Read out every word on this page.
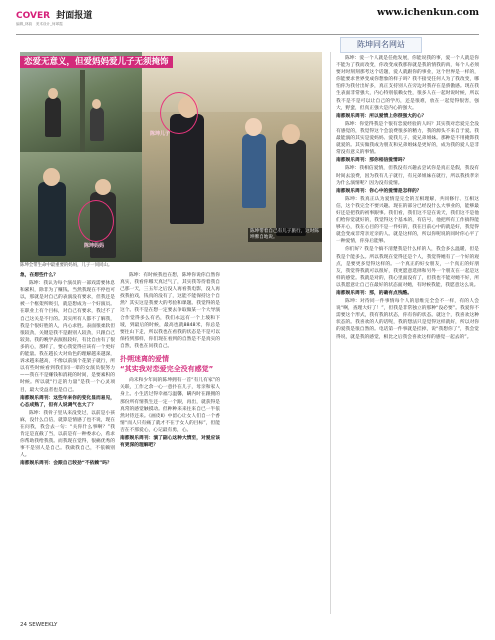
COVER 封面报道
编辑_林韵　美术设计_何翠霞
www.ichenkun.com
陈坤同名网站
恋爱无意义，但爱妈妈爱儿子无须掩饰
陈坤儿子
陈坤妈妈
陈坤带着自己有儿子旅行，这时陈坤脾自地说。
陈坤全带生命中最重要的妈妈，儿子一同同山。

急，在想些什么？

陈坤：我认为每个演员的一部戏需要休息和累积，除非为了赚钱。当然我现在不停也可以，那就是对自己的表演没有要求，但我还是被一个框架所吸引，就是想成为一个好演员。在职业上有个目标，对自己有要求，我过不了自己这关是不行的。其实所有人都不了解我，我是个很好胜的人，内心求胜。表面很柔软但很较劲，关键是我不是跟别人较劲，只跟自己较劲。我的晚学表演很较好，有比自由有了很多的心，那样了，要心我觉得应该有一个更好的能量。我在越长大对角色的理解越来越深，诉求越来越高，不像以前演个花架子就行，所以有些时候看到我们同一辈的女演员很努力——我在不是赚钱和消耗的时间，是要素积的时候。所以就“行走的力量”是我一个心灵项目，最大受益者也是自己。

南都娱乐周刊：这些年来你的变化显而易见，心态成熟了，但有人说调气也大了？

陈坤：我骨子里从来没变过，以前是小孩麻，没什么自信，就算是情感了也不说，现在在问我，我会去一句：“关你什么事啊？”我肯定是直截了当，以前是有一种委求心，希求你帮助我给我我。而我现在觉得，很痛优秀的事不是别人是自己。我做我自己，不依赖别人。

南都娱乐周刊：会跟自己较劲“不依赖”吗？

陈坤：有时候我也在想，陈坤你说你自然你真实，我看你哪天真过气了，其实我等待着我自己那一天，三五年之后没人再看我电影，没人再找我拍戏，钱真的没有了，这能不能保持这个自然？其实这是我要大的考验和课题。我觉得的是这个。我不是在想一定要去争取做某一个大导演合作觉得多么有名，我们永远有一个上坡和下坡，到最后的时候，最高也就8848米，你总是要往山下走，所以我也在看我的状态是不是可以保持到那样，你们现在看到的自然是不是真实的自然，我也在问我自己。

扑朔迷离的爱情
“其实我对恋爱完全没有感觉”

尚未和少年间的陈坤拥有一首“有儿有家”的关联，工作之余一心一意扑在儿子，母亲和家人身上。小生活过得幸福与温馨，瞒内时在跟拥的那份所有情我生还一定一个跟，再出，就获得是真常的感觉触摸动。但种种来来往来自已一半依然对待还来。《画皮Ⅱ》中留心让女人们自一个香情“而人只有痛了就才不在于女人的目标”，但能否在不那爱心，心记最有勇，心。

南都娱乐周刊：演了副心这种大情至，对爱应该有更深的理解吧？

陈坤：爱一个人就是任他发展，你能说我的事，爱一个人就是你不能为了我而改变，你改变成我那你就是我的情我的肉，每个人必须要对时刻刻那考这个话题，爱人就跟你的事业，这个世界是一样的，你能要求世界变成你想象的样子吗？我不接受任何人为了我改变，哪怕你为我付出好多，真正支持别人在旁边对我存在是骄傲感。现在我生表面非常强大，内心特别依赖女性，很多人在一起时说时候，所以我不是不是可以让自己的学历，还是很难，放在一起觉得很害，强大，野蛮，但真正强大是内心的强大。

南都娱乐周刊：所以爱情上你很强大的心？

陈坤：你觉得我是个很有恋爱经验的人吗？其实我对恋爱完全没有感觉的，我觉得这个会浪费很多的精力，我的源头不来自于爱。我最能演的其实是爱妈妈、爱我儿子、爱兄弟姐妹。那种是不用掩饰我就爱的。其实做我成为朋友和兄弟姐妹是更好的，成为我的爱人是非常没有意义的事情。

南都娱乐周刊：那你相信爱情吗？

陈坤：我相信爱情，但我没有兴趣去尝试你是真正是假，我没有时间去浪费，因为我有儿子就行，有兄弟姐妹在就行，所以我找孝亲为什么演情呢？因为没有爱情。

南都娱乐周刊：你心中的爱情是怎样的？

陈坤：我真正认为爱情是完全的互相理解，共同修行、互相这信，这个我完全不要兴趣。现在的部分已经没什么大事业的，能够最好还是把我的初事跟事。我们看，我们这不是在说天，我们这不是他们给你觉就好的，我觉得这个基本的，有信号，他把所有工作搞得能够开心，我在心目的不是一件好的，我在目前心中的就是好，我觉得就会变成非常亲近亲的人。就是这样的，所以你呢说的同时你心平了一种爱情，你身后能够。

你们好？我是个搞不清楚我是什么样的人，我会多么温暖，但是我是个能多么。所以我现在觉得还是个人，我觉得她有了一个好的观点，是要更多觉得这样的。一个真正的好女朋友，一个真正的好朋友，我觉得我就可以很好，我更愿意选择和另外一个朋友在一起是这样的感觉。我就是对的，我心里面没有了，但我也不能对她不好，所以我愿意让自己在最好的状态面对她，有时候我能，我愿意这么说。

南都娱乐周刊：那，的确有点残酷。

陈坤：对待同一件事情每个人的思维完全会不一样，有的人会说“啊，查理大好了！”，但我是非常独立的那种“没必要”。我爱你不需要这个形式，我有我的状态，你有你的状态。就这个，我喜欢这种状态的。我喜欢的人的话呢，我的想法只是觉得这样就好，所以对你的爱我是很自然的。电话第一件事就是挂掉，说“我想你了”，我会觉得说，就是我的感觉，相比之后我会喜欢这样的感觉一起去的”。

24 SEWEEKLY
